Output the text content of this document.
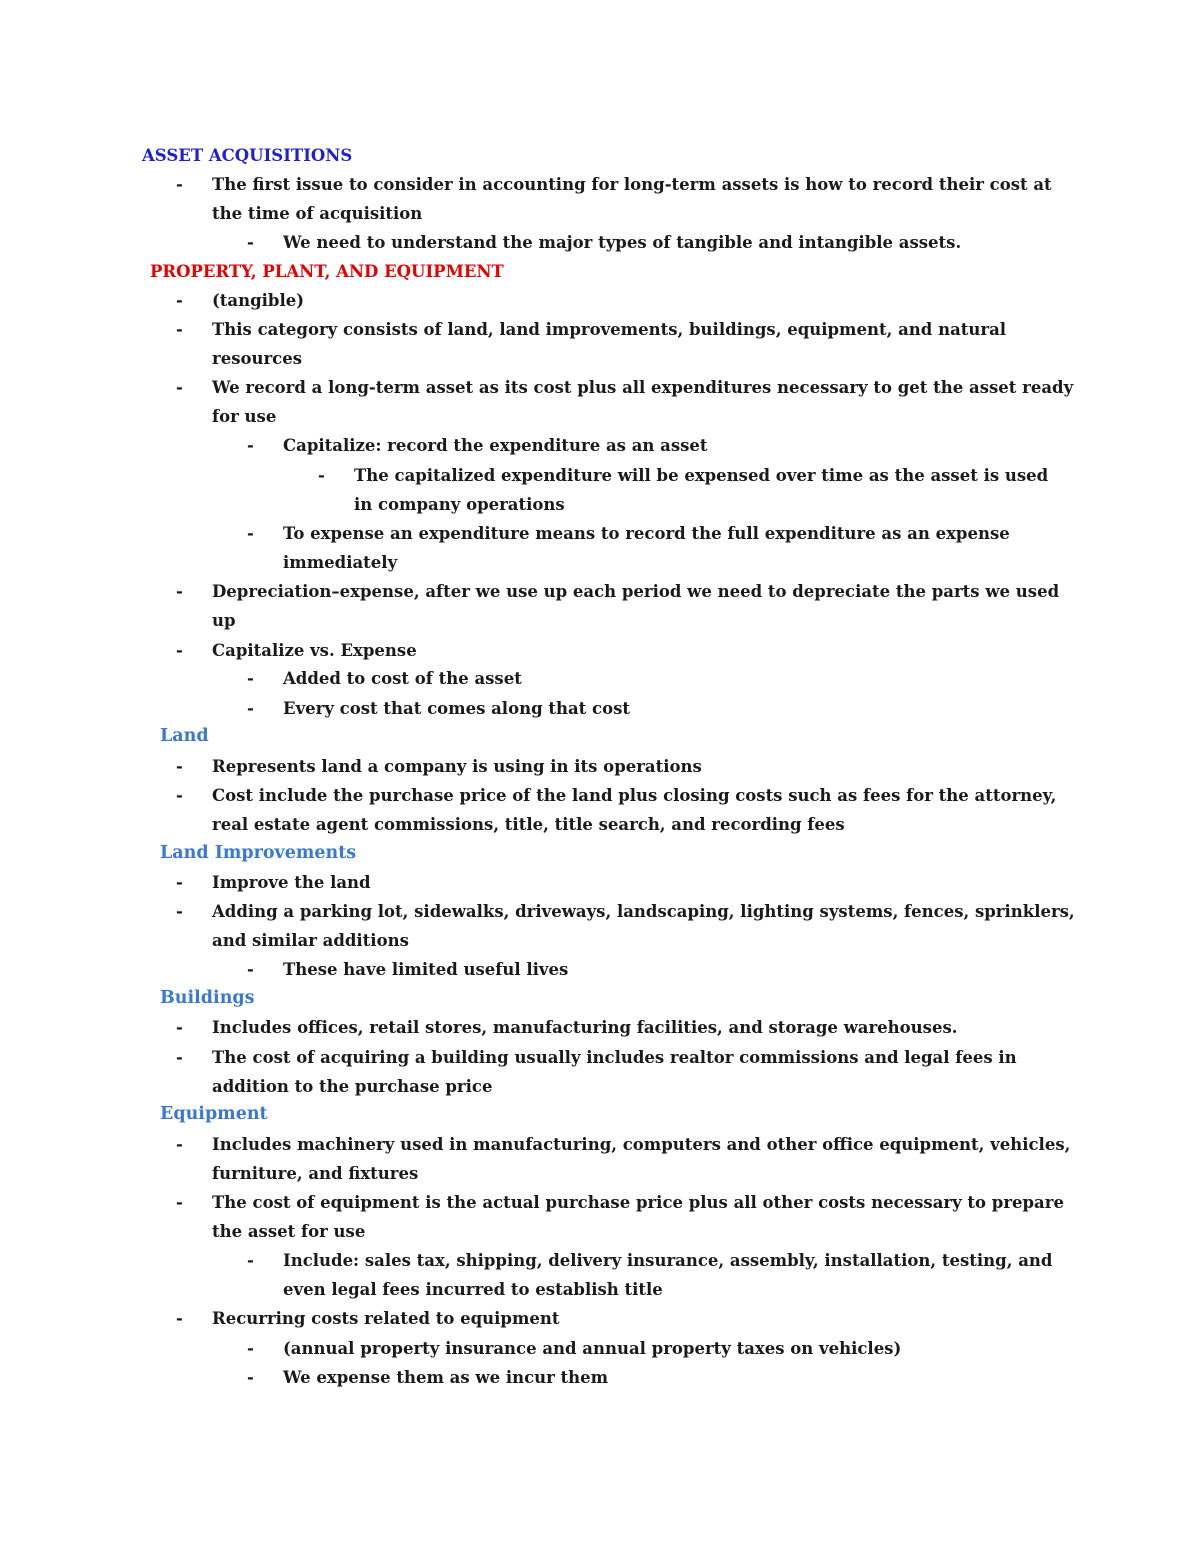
ASSET ACQUISITIONS
-	The first issue to consider in accounting for long-term assets is how to record their cost at
the time of acquisition
-	We need to understand the major types of tangible and intangible assets.
PROPERTY, PLANT, AND EQUIPMENT
-	(tangible)
-	This category consists of land, land improvements, buildings, equipment, and natural
resources
-	We record a long-term asset as its cost plus all expenditures necessary to get the asset ready
for use
-	Capitalize: record the expenditure as an asset
-	The capitalized expenditure will be expensed over time as the asset is used
in company operations
-	To expense an expenditure means to record the full expenditure as an expense
immediately
-	Depreciation–expense, after we use up each period we need to depreciate the parts we used
up
-	Capitalize vs. Expense
-	Added to cost of the asset
-	Every cost that comes along that cost
Land
-	Represents land a company is using in its operations
-	Cost include the purchase price of the land plus closing costs such as fees for the attorney,
real estate agent commissions, title, title search, and recording fees
Land Improvements
-	Improve the land
-	Adding a parking lot, sidewalks, driveways, landscaping, lighting systems, fences, sprinklers,
and similar additions
-	These have limited useful lives
Buildings
-	Includes offices, retail stores, manufacturing facilities, and storage warehouses.
-	The cost of acquiring a building usually includes realtor commissions and legal fees in
addition to the purchase price
Equipment
-	Includes machinery used in manufacturing, computers and other office equipment, vehicles,
furniture, and fixtures
-	The cost of equipment is the actual purchase price plus all other costs necessary to prepare
the asset for use
-	Include: sales tax, shipping, delivery insurance, assembly, installation, testing, and
even legal fees incurred to establish title
-	Recurring costs related to equipment
-	(annual property insurance and annual property taxes on vehicles)
-	We expense them as we incur them
